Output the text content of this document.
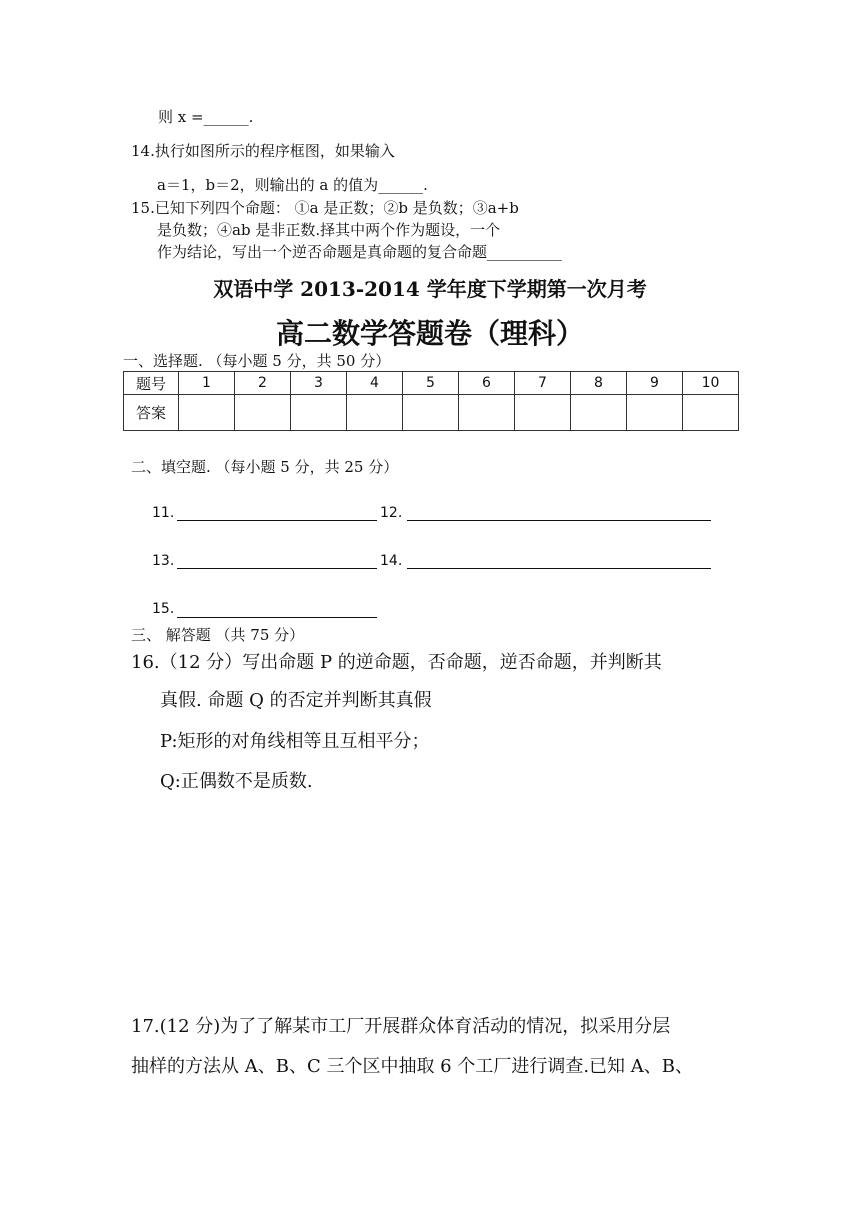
则 x =______.
14.执行如图所示的程序框图，如果输入
a＝1，b＝2，则输出的 a 的值为______.
15.已知下列四个命题： ①a 是正数；②b 是负数；③a+b
是负数；④ab 是非正数.择其中两个作为题设，一个
作为结论，写出一个逆否命题是真命题的复合命题__________
双语中学 2013-2014 学年度下学期第一次月考
高二数学答题卷（理科）
一、选择题. （每小题 5 分，共 50 分）
题号	1	2	3	4	5	6	7	8	9	10
答案										
二、填空题. （每小题 5 分，共 25 分）
11.	12.
13.	14.
15.
三、 解答题 （共 75 分）
16.（12 分）写出命题 P 的逆命题，否命题，逆否命题，并判断其
真假. 命题 Q 的否定并判断其真假
P:矩形的对角线相等且互相平分；
Q:正偶数不是质数.
17.(12 分)为了了解某市工厂开展群众体育活动的情况，拟采用分层
抽样的方法从 A、B、C 三个区中抽取 6 个工厂进行调查.已知 A、B、
